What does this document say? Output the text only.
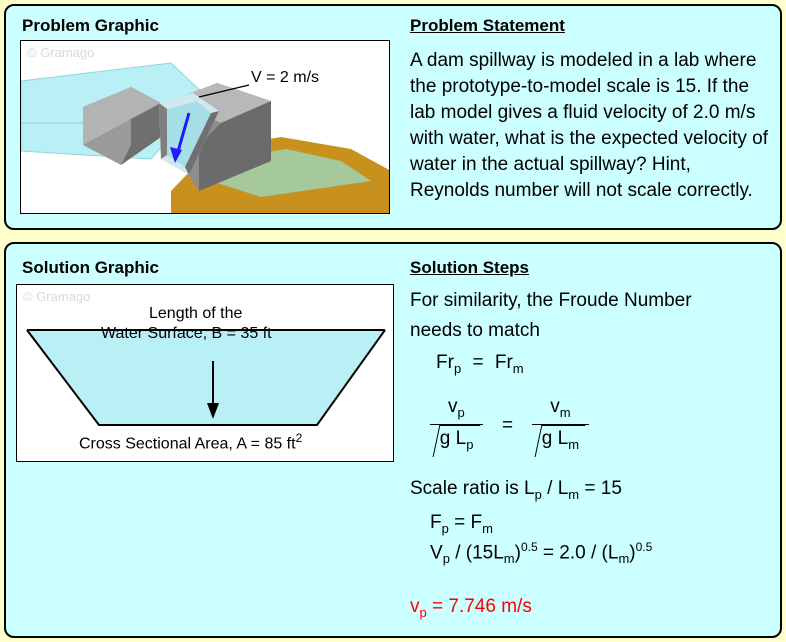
Problem Graphic	Problem Statement
© Gramago
V = 2 m/s
A dam spillway is modeled in a lab where the prototype-to-model scale is 15. If the lab model gives a fluid velocity of 2.0 m/s with water, what is the expected velocity of water in the actual spillway? Hint, Reynolds number will not scale correctly.
Solution Graphic	Solution Steps
© Gramago
Length of the
Water Surface, B = 35 ft
Cross Sectional Area, A = 85 $ft^2$
For similarity, the Froude Number
needs to match
$Fr_p = Fr_m$
$\frac{v_p}{g L_p} = \frac{v_m}{g L_m}$
Scale ratio is $L_p / L_m = 15$
$F_p = F_m$
$V_p / (15L_m)^{0.5} = 2.0 / (L_m)^{0.5}$
$v_p = 7.746$ m/s
